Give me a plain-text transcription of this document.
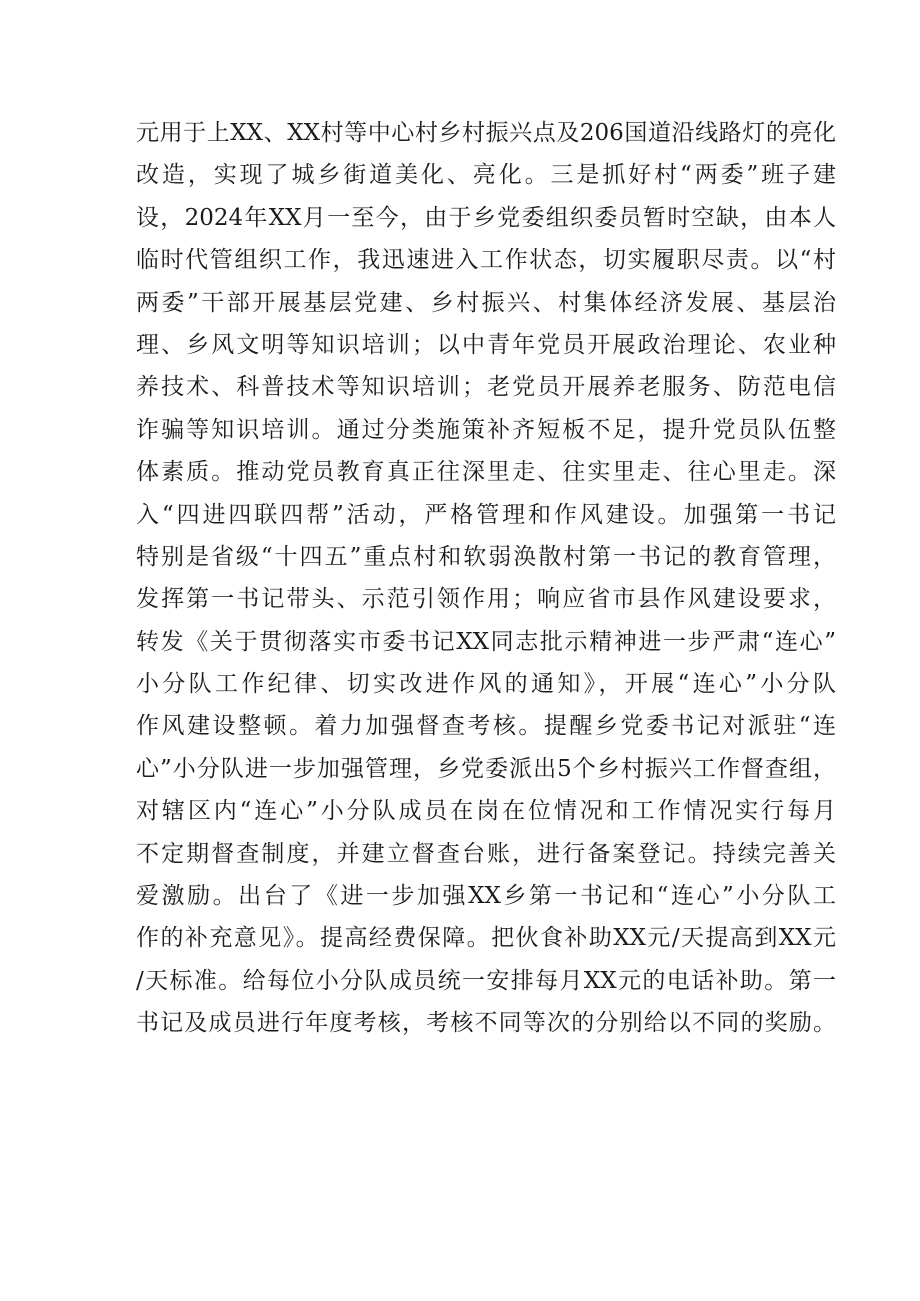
元用于上XX、XX村等中心村乡村振兴点及206国道沿线路灯的亮化
改造，实现了城乡街道美化、亮化。三是抓好村“两委”班子建
设，2024年XX月一至今，由于乡党委组织委员暂时空缺，由本人
临时代管组织工作，我迅速进入工作状态，切实履职尽责。以“村
两委”干部开展基层党建、乡村振兴、村集体经济发展、基层治
理、乡风文明等知识培训；以中青年党员开展政治理论、农业种
养技术、科普技术等知识培训；老党员开展养老服务、防范电信
诈骗等知识培训。通过分类施策补齐短板不足，提升党员队伍整
体素质。推动党员教育真正往深里走、往实里走、往心里走。深
入“四进四联四帮”活动，严格管理和作风建设。加强第一书记
特别是省级“十四五”重点村和软弱涣散村第一书记的教育管理，
发挥第一书记带头、示范引领作用；响应省市县作风建设要求，
转发《关于贯彻落实市委书记XX同志批示精神进一步严肃“连心”
小分队工作纪律、切实改进作风的通知》，开展“连心”小分队
作风建设整顿。着力加强督查考核。提醒乡党委书记对派驻“连
心”小分队进一步加强管理，乡党委派出5个乡村振兴工作督查组，
对辖区内“连心”小分队成员在岗在位情况和工作情况实行每月
不定期督查制度，并建立督查台账，进行备案登记。持续完善关
爱激励。出台了《进一步加强XX乡第一书记和“连心”小分队工
作的补充意见》。提高经费保障。把伙食补助XX元/天提高到XX元
/天标准。给每位小分队成员统一安排每月XX元的电话补助。第一
书记及成员进行年度考核，考核不同等次的分别给以不同的奖励。
